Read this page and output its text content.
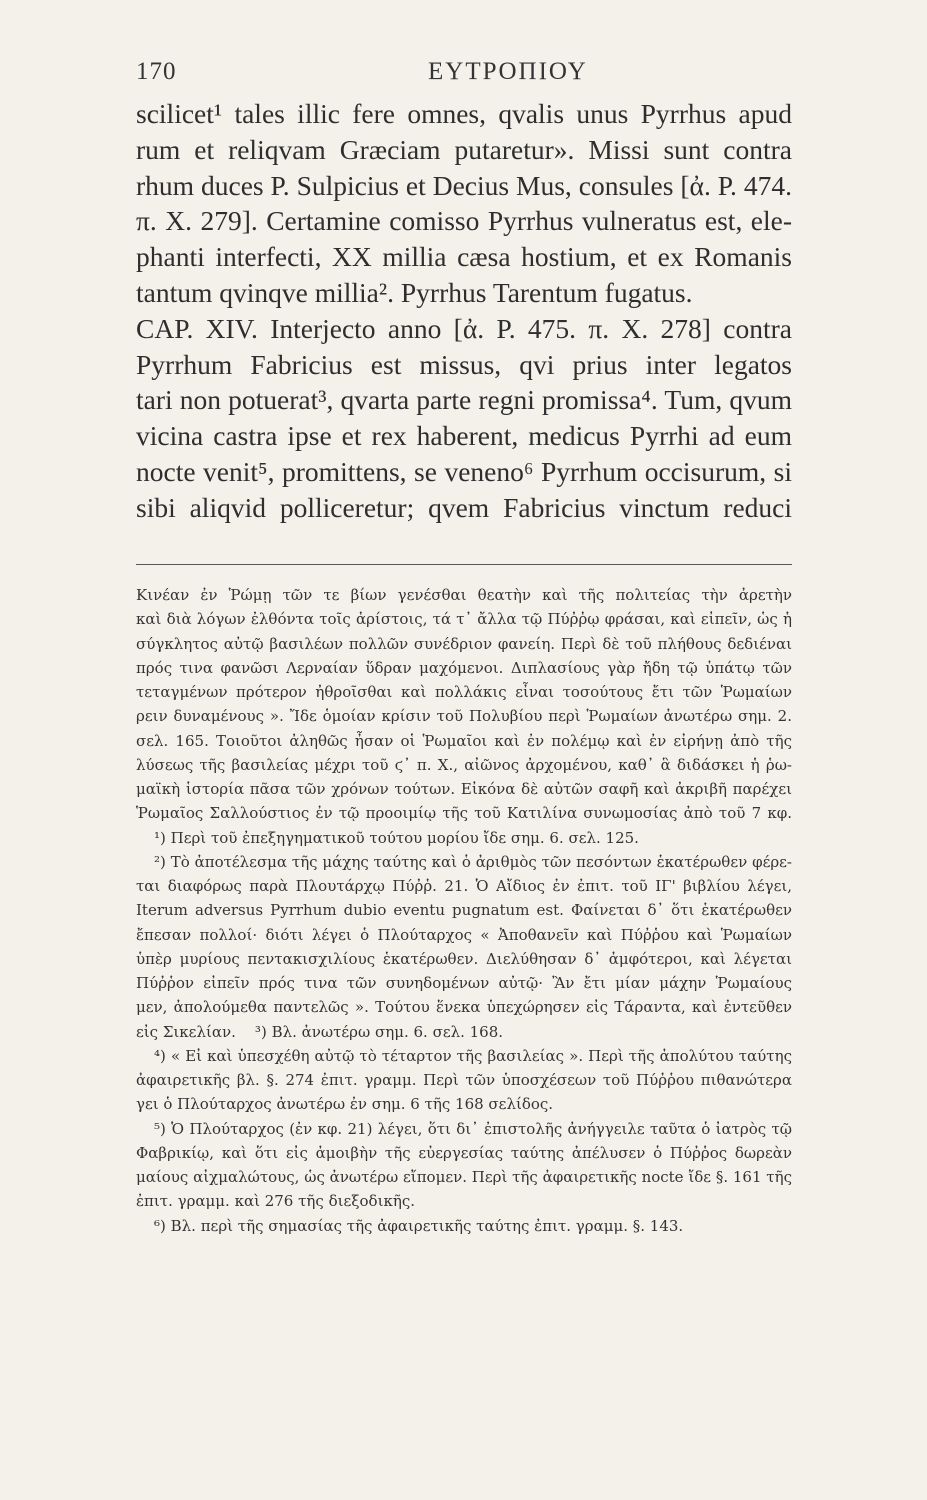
170	ΕΥΤΡΟΠΙΟΥ
scilicet¹ tales illic fere omnes, qvalis unus Pyrrhus apud
rum et reliqvam Græciam putaretur». Missi sunt contra
rhum duces P. Sulpicius et Decius Mus, consules [ἀ. Ρ. 474.
π. Χ. 279]. Certamine comisso Pyrrhus vulneratus est, ele-
phanti interfecti, XX millia cæsa hostium, et ex Romanis
tantum qvinqve millia². Pyrrhus Tarentum fugatus.
CAP. XIV. Interjecto anno [ἀ. Ρ. 475. π. Χ. 278] contra
Pyrrhum Fabricius est missus, qvi prius inter legatos
tari non potuerat³, qvarta parte regni promissa⁴. Tum, qvum
vicina castra ipse et rex haberent, medicus Pyrrhi ad eum
nocte venit⁵, promittens, se veneno⁶ Pyrrhum occisurum, si
sibi aliqvid polliceretur; qvem Fabricius vinctum reduci
Κινέαν ἐν Ῥώμῃ τῶν τε βίων γενέσθαι θεατὴν καὶ τῆς πολιτείας τὴν ἀρετὴν
καὶ διὰ λόγων ἐλθόντα τοῖς ἀρίστοις, τά τ᾽ ἄλλα τῷ Πύῤῥῳ φράσαι, καὶ εἰπεῖν, ὡς ἡ
σύγκλητος αὐτῷ βασιλέων πολλῶν συνέδριον φανείη. Περὶ δὲ τοῦ πλήθους δεδιέναι
πρός τινα φανῶσι Λερναίαν ὕδραν μαχόμενοι. Διπλασίους γὰρ ἤδη τῷ ὑπάτῳ τῶν
τεταγμένων πρότερον ἠθροῖσθαι καὶ πολλάκις εἶναι τοσούτους ἔτι τῶν Ῥωμαίων
ρειν δυναμένους ». Ἴδε ὁμοίαν κρίσιν τοῦ Πολυβίου περὶ Ῥωμαίων ἀνωτέρω σημ. 2.
σελ. 165. Τοιοῦτοι ἀληθῶς ἦσαν οἱ Ῥωμαῖοι καὶ ἐν πολέμῳ καὶ ἐν εἰρήνῃ ἀπὸ τῆς
λύσεως τῆς βασιλείας μέχρι τοῦ ϛ᾽ π. Χ., αἰῶνος ἀρχομένου, καθ᾽ ἃ διδάσκει ἡ ῥω-
μαϊκὴ ἱστορία πᾶσα τῶν χρόνων τούτων. Εἰκόνα δὲ αὐτῶν σαφῆ καὶ ἀκριβῆ παρέχει
Ῥωμαῖος Σαλλούστιος ἐν τῷ προοιμίῳ τῆς τοῦ Κατιλίνα συνωμοσίας ἀπὸ τοῦ 7 κφ.
¹) Περὶ τοῦ ἐπεξηγηματικοῦ τούτου μορίου ἴδε σημ. 6. σελ. 125.
²) Τὸ ἀποτέλεσμα τῆς μάχης ταύτης καὶ ὁ ἀριθμὸς τῶν πεσόντων ἑκατέρωθεν φέρε-
ται διαφόρως παρὰ Πλουτάρχῳ Πύῤῥ. 21. Ὁ Αἴδιος ἐν ἐπιτ. τοῦ ΙΓ' βιβλίου λέγει,
Iterum adversus Pyrrhum dubio eventu pugnatum est. Φαίνεται δ᾽ ὅτι ἑκατέρωθεν
ἔπεσαν πολλοί· διότι λέγει ὁ Πλούταρχος « Ἀποθανεῖν καὶ Πύῤῥου καὶ Ῥωμαίων
ὑπὲρ μυρίους πεντακισχιλίους ἑκατέρωθεν. Διελύθησαν δ᾽ ἀμφότεροι, καὶ λέγεται
Πύῤῥον εἰπεῖν πρός τινα τῶν συνηδομένων αὐτῷ· Ἂν ἔτι μίαν μάχην Ῥωμαίους
μεν, ἀπολούμεθα παντελῶς ». Τούτου ἕνεκα ὑπεχώρησεν εἰς Τάραντα, καὶ ἐντεῦθεν
εἰς Σικελίαν.    ³) Βλ. ἀνωτέρω σημ. 6. σελ. 168.
⁴) « Εἰ καὶ ὑπεσχέθη αὐτῷ τὸ τέταρτον τῆς βασιλείας ». Περὶ τῆς ἀπολύτου ταύτης
ἀφαιρετικῆς βλ. §. 274 ἐπιτ. γραμμ. Περὶ τῶν ὑποσχέσεων τοῦ Πύῤῥου πιθανώτερα
γει ὁ Πλούταρχος ἀνωτέρω ἐν σημ. 6 τῆς 168 σελίδος.
⁵) Ὁ Πλούταρχος (ἐν κφ. 21) λέγει, ὅτι δι᾽ ἐπιστολῆς ἀνήγγειλε ταῦτα ὁ ἰατρὸς τῷ
Φαβρικίῳ, καὶ ὅτι εἰς ἀμοιβὴν τῆς εὐεργεσίας ταύτης ἀπέλυσεν ὁ Πύῤῥος δωρεὰν
μαίους αἰχμαλώτους, ὡς ἀνωτέρω εἴπομεν. Περὶ τῆς ἀφαιρετικῆς nocte ἴδε §. 161 τῆς
ἐπιτ. γραμμ. καὶ 276 τῆς διεξοδικῆς.
⁶) Βλ. περὶ τῆς σημασίας τῆς ἀφαιρετικῆς ταύτης ἐπιτ. γραμμ. §. 143.
